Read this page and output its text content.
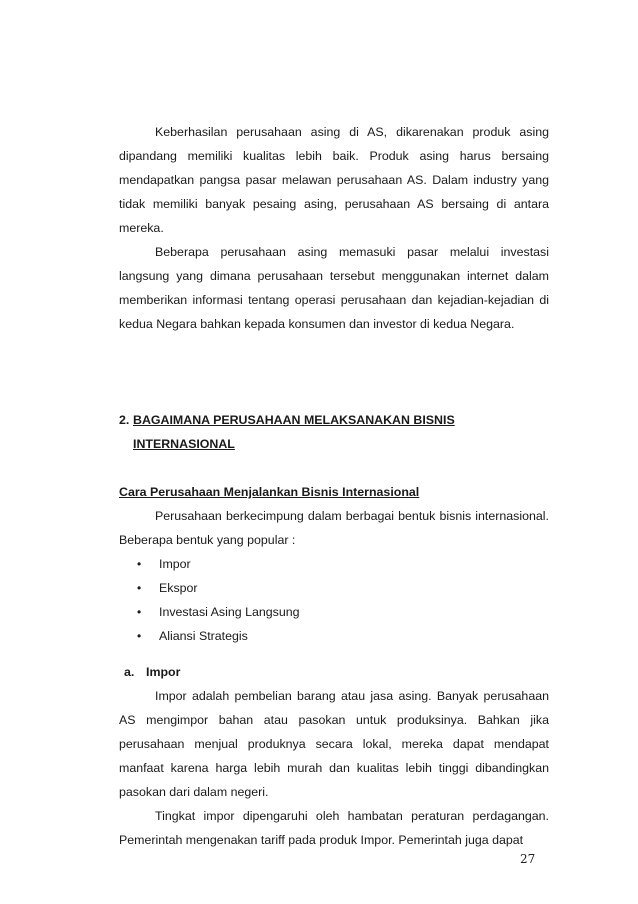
Keberhasilan perusahaan asing di AS, dikarenakan produk asing dipandang memiliki kualitas lebih baik. Produk asing harus bersaing mendapatkan pangsa pasar melawan perusahaan AS. Dalam industry yang tidak memiliki banyak pesaing asing, perusahaan AS bersaing di antara mereka.

Beberapa perusahaan asing memasuki pasar melalui investasi langsung yang dimana perusahaan tersebut menggunakan internet dalam memberikan informasi tentang operasi perusahaan dan kejadian-kejadian di kedua Negara bahkan kepada konsumen dan investor di kedua Negara.

2. BAGAIMANA PERUSAHAAN MELAKSANAKAN BISNIS

INTERNASIONAL

Cara Perusahaan Menjalankan Bisnis Internasional

Perusahaan berkecimpung dalam berbagai bentuk bisnis internasional. Beberapa bentuk yang popular :

• Impor
• Ekspor
• Investasi Asing Langsung
• Aliansi Strategis

a. Impor

Impor adalah pembelian barang atau jasa asing. Banyak perusahaan AS mengimpor bahan atau pasokan untuk produksinya. Bahkan jika perusahaan menjual produknya secara lokal, mereka dapat mendapat manfaat karena harga lebih murah dan kualitas lebih tinggi dibandingkan pasokan dari dalam negeri.

Tingkat impor dipengaruhi oleh hambatan peraturan perdagangan. Pemerintah mengenakan tariff pada produk Impor. Pemerintah juga dapat

27
